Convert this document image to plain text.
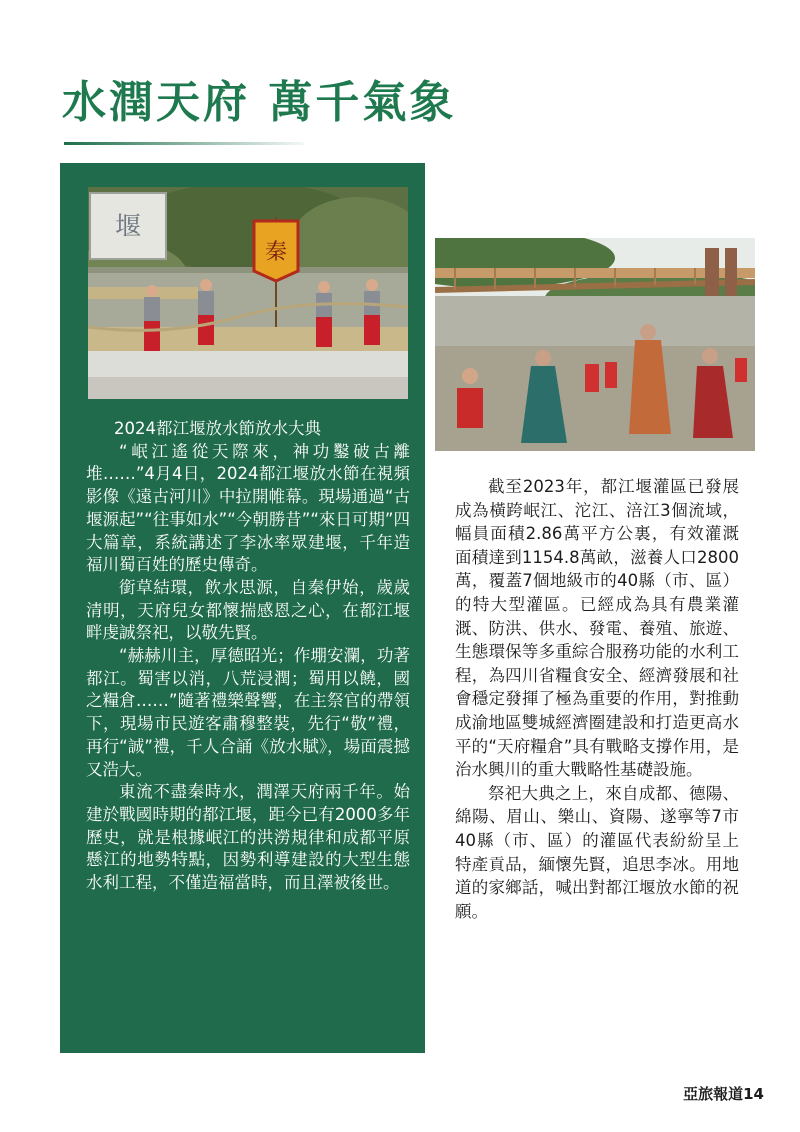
水潤天府 萬千氣象
堰
秦

2024都江堰放水節放水大典

“岷江遙從天際來，神功鑿破古離堆……”4月4日，2024都江堰放水節在視頻影像《遠古河川》中拉開帷幕。現場通過“古堰源起”“往事如水”“今朝勝昔”“來日可期”四大篇章，系統講述了李冰率眾建堰，千年造福川蜀百姓的歷史傳奇。

銜草結環，飲水思源，自秦伊始，歲歲清明，天府兒女都懷揣感恩之心，在都江堰畔虔誠祭祀，以敬先賢。

“赫赫川主，厚德昭光；作堋安瀾，功著都江。蜀害以消，八荒浸潤；蜀用以饒，國之糧倉……”隨著禮樂聲響，在主祭官的帶領下，現場市民遊客肅穆整裝，先行“敬”禮，再行“誠”禮，千人合誦《放水賦》，場面震撼又浩大。

東流不盡秦時水，潤澤天府兩千年。始建於戰國時期的都江堰，距今已有2000多年歷史，就是根據岷江的洪澇規律和成都平原懸江的地勢特點，因勢利導建設的大型生態水利工程，不僅造福當時，而且澤被後世。

截至2023年，都江堰灌區已發展成為橫跨岷江、沱江、涪江3個流域，幅員面積2.86萬平方公裏，有效灌溉面積達到1154.8萬畝，滋養人口2800萬，覆蓋7個地級市的40縣（市、區）的特大型灌區。已經成為具有農業灌溉、防洪、供水、發電、養殖、旅遊、生態環保等多重綜合服務功能的水利工程，為四川省糧食安全、經濟發展和社會穩定發揮了極為重要的作用，對推動成渝地區雙城經濟圈建設和打造更高水平的“天府糧倉”具有戰略支撐作用，是治水興川的重大戰略性基礎設施。

祭祀大典之上，來自成都、德陽、綿陽、眉山、樂山、資陽、遂寧等7市40縣（市、區）的灌區代表紛紛呈上特產貢品，緬懷先賢，追思李冰。用地道的家鄉話，喊出對都江堰放水節的祝願。

亞旅報道14
